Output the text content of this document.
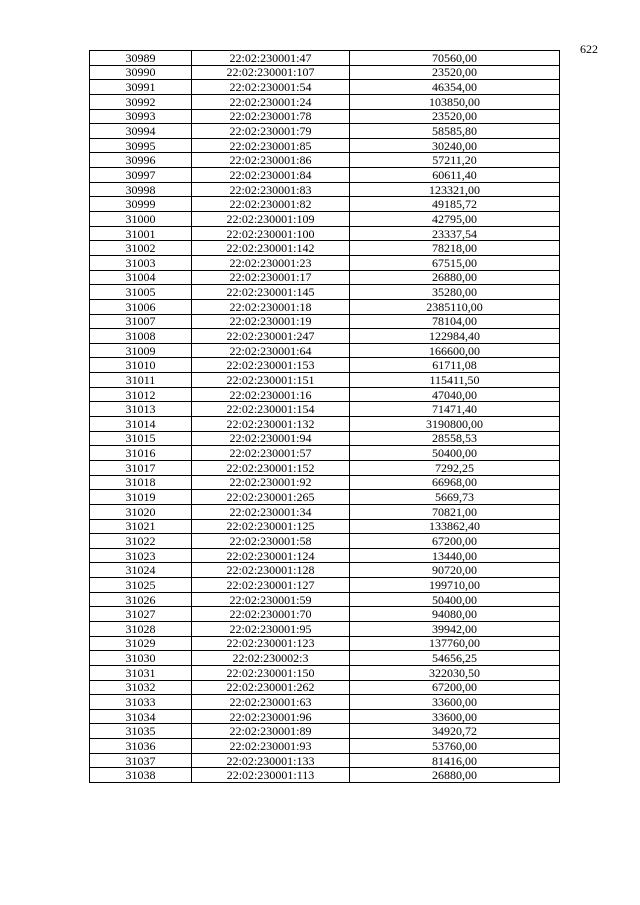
622
30989	22:02:230001:47	70560,00
30990	22:02:230001:107	23520,00
30991	22:02:230001:54	46354,00
30992	22:02:230001:24	103850,00
30993	22:02:230001:78	23520,00
30994	22:02:230001:79	58585,80
30995	22:02:230001:85	30240,00
30996	22:02:230001:86	57211,20
30997	22:02:230001:84	60611,40
30998	22:02:230001:83	123321,00
30999	22:02:230001:82	49185,72
31000	22:02:230001:109	42795,00
31001	22:02:230001:100	23337,54
31002	22:02:230001:142	78218,00
31003	22:02:230001:23	67515,00
31004	22:02:230001:17	26880,00
31005	22:02:230001:145	35280,00
31006	22:02:230001:18	2385110,00
31007	22:02:230001:19	78104,00
31008	22:02:230001:247	122984,40
31009	22:02:230001:64	166600,00
31010	22:02:230001:153	61711,08
31011	22:02:230001:151	115411,50
31012	22:02:230001:16	47040,00
31013	22:02:230001:154	71471,40
31014	22:02:230001:132	3190800,00
31015	22:02:230001:94	28558,53
31016	22:02:230001:57	50400,00
31017	22:02:230001:152	7292,25
31018	22:02:230001:92	66968,00
31019	22:02:230001:265	5669,73
31020	22:02:230001:34	70821,00
31021	22:02:230001:125	133862,40
31022	22:02:230001:58	67200,00
31023	22:02:230001:124	13440,00
31024	22:02:230001:128	90720,00
31025	22:02:230001:127	199710,00
31026	22:02:230001:59	50400,00
31027	22:02:230001:70	94080,00
31028	22:02:230001:95	39942,00
31029	22:02:230001:123	137760,00
31030	22:02:230002:3	54656,25
31031	22:02:230001:150	322030,50
31032	22:02:230001:262	67200,00
31033	22:02:230001:63	33600,00
31034	22:02:230001:96	33600,00
31035	22:02:230001:89	34920,72
31036	22:02:230001:93	53760,00
31037	22:02:230001:133	81416,00
31038	22:02:230001:113	26880,00
